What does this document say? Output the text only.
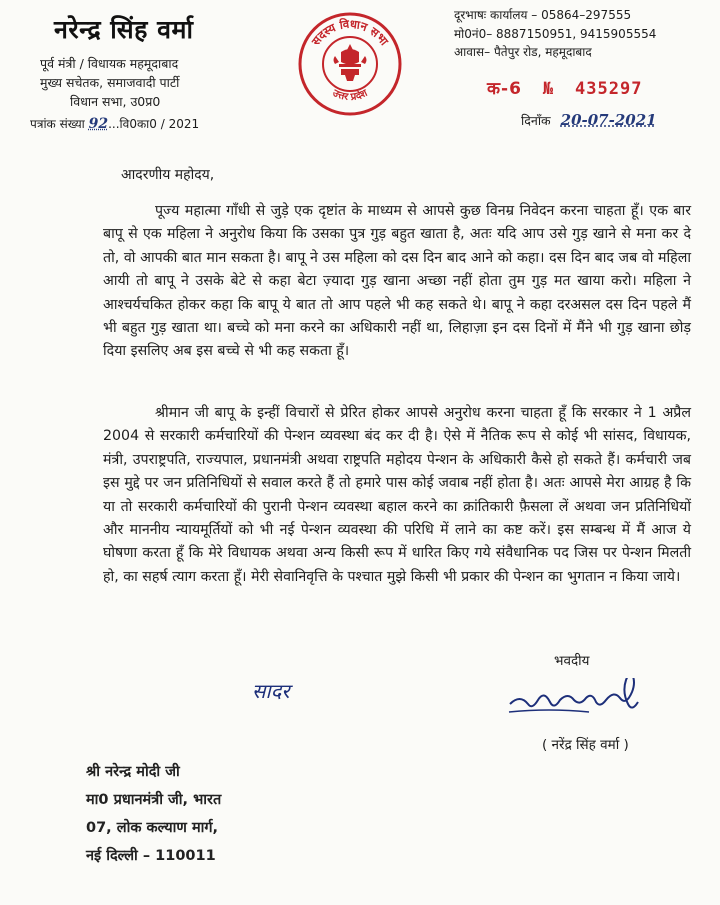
नरेन्द्र सिंह वर्मा
पूर्व मंत्री / विधायक महमूदाबाद
मुख्य सचेतक, समाजवादी पार्टी
विधान सभा, उ0प्र0
पत्रांक संख्या 92...वि0का0 / 2021
सदस्य विधान सभा
उत्तर प्रदेश
दूरभाषः कार्यालय – 05864–297555
मो0नं0– 8887150951, 9415905554
आवास– पैतेपुर रोड, महमूदाबाद
क-6 № 435297
दिनाँक 20-07-2021
आदरणीय महोदय,

पूज्य महात्मा गाँधी से जुड़े एक दृष्टांत के माध्यम से आपसे कुछ विनम्र निवेदन करना चाहता हूँ। एक बार बापू से एक महिला ने अनुरोध किया कि उसका पुत्र गुड़ बहुत खाता है, अतः यदि आप उसे गुड़ खाने से मना कर दे तो, वो आपकी बात मान सकता है। बापू ने उस महिला को दस दिन बाद आने को कहा। दस दिन बाद जब वो महिला आयी तो बापू ने उसके बेटे से कहा बेटा ज़्यादा गुड़ खाना अच्छा नहीं होता तुम गुड़ मत खाया करो। महिला ने आश्चर्यचकित होकर कहा कि बापू ये बात तो आप पहले भी कह सकते थे। बापू ने कहा दरअसल दस दिन पहले मैं भी बहुत गुड़ खाता था। बच्चे को मना करने का अधिकारी नहीं था, लिहाज़ा इन दस दिनों में मैंने भी गुड़ खाना छोड़ दिया इसलिए अब इस बच्चे से भी कह सकता हूँ।

श्रीमान जी बापू के इन्हीं विचारों से प्रेरित होकर आपसे अनुरोध करना चाहता हूँ कि सरकार ने 1 अप्रैल 2004 से सरकारी कर्मचारियों की पेन्शन व्यवस्था बंद कर दी है। ऐसे में नैतिक रूप से कोई भी सांसद, विधायक, मंत्री, उपराष्ट्रपति, राज्यपाल, प्रधानमंत्री अथवा राष्ट्रपति महोदय पेन्शन के अधिकारी कैसे हो सकते हैं। कर्मचारी जब इस मुद्दे पर जन प्रतिनिधियों से सवाल करते हैं तो हमारे पास कोई जवाब नहीं होता है। अतः आपसे मेरा आग्रह है कि या तो सरकारी कर्मचारियों की पुरानी पेन्शन व्यवस्था बहाल करने का क्रांतिकारी फ़ैसला लें अथवा जन प्रतिनिधियों और माननीय न्यायमूर्तियों को भी नई पेन्शन व्यवस्था की परिधि में लाने का कष्ट करें। इस सम्बन्ध में मैं आज ये घोषणा करता हूँ कि मेरे विधायक अथवा अन्य किसी रूप में धारित किए गये संवैधानिक पद जिस पर पेन्शन मिलती हो, का सहर्ष त्याग करता हूँ। मेरी सेवानिवृत्ति के पश्चात मुझे किसी भी प्रकार की पेन्शन का भुगतान न किया जाये।

भवदीय
सादर
( नरेंद्र सिंह वर्मा )
श्री नरेन्द्र मोदी जी
मा0 प्रधानमंत्री जी, भारत
07, लोक कल्याण मार्ग,
नई दिल्ली – 110011
